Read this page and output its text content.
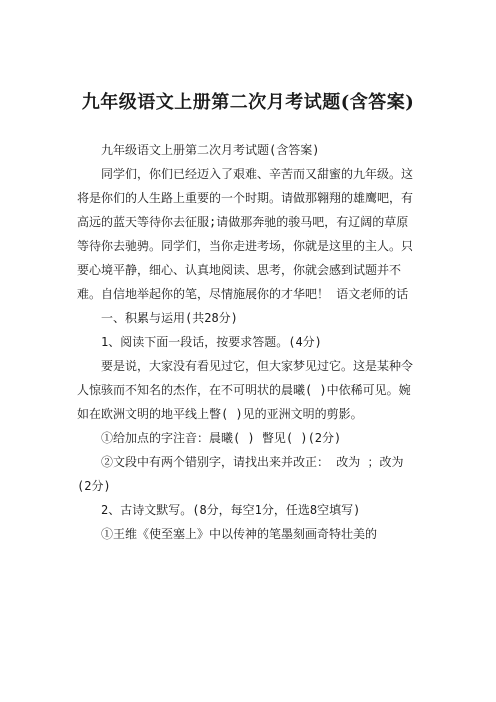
九年级语文上册第二次月考试题(含答案)

九年级语文上册第二次月考试题(含答案)

同学们，你们已经迈入了艰难、辛苦而又甜蜜的九年级。这将是你们的人生路上重要的一个时期。请做那翱翔的雄鹰吧，有高远的蓝天等待你去征服;请做那奔驰的骏马吧，有辽阔的草原等待你去驰骋。同学们，当你走进考场，你就是这里的主人。只要心境平静，细心、认真地阅读、思考，你就会感到试题并不难。自信地举起你的笔，尽情施展你的才华吧！ 语文老师的话

一、积累与运用(共28分)

1、阅读下面一段话，按要求答题。(4分)

要是说，大家没有看见过它，但大家梦见过它。这是某种令人惊骇而不知名的杰作，在不可明状的晨曦( )中依稀可见。婉如在欧洲文明的地平线上瞥( )见的亚洲文明的剪影。

①给加点的字注音：晨曦( ) 瞥见( )(2分)

②文段中有两个错别字，请找出来并改正： 改为 ；改为 (2分)

2、古诗文默写。(8分，每空1分，任选8空填写)

①王维《使至塞上》中以传神的笔墨刻画奇特壮美的
